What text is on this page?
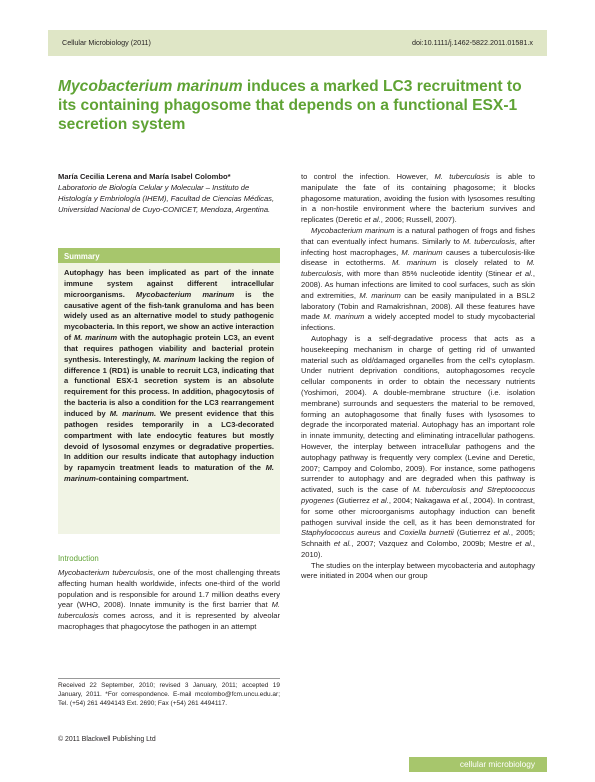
Cellular Microbiology (2011)	doi:10.1111/j.1462-5822.2011.01581.x
Mycobacterium marinum induces a marked LC3 recruitment to its containing phagosome that depends on a functional ESX-1 secretion system
María Cecilia Lerena and María Isabel Colombo*
Laboratorio de Biología Celular y Molecular – Instituto de Histología y Embriología (IHEM), Facultad de Ciencias Médicas, Universidad Nacional de Cuyo-CONICET, Mendoza, Argentina.
Summary
Autophagy has been implicated as part of the innate immune system against different intracellular microorganisms. Mycobacterium marinum is the causative agent of the fish-tank granuloma and has been widely used as an alternative model to study pathogenic mycobacteria. In this report, we show an active interaction of M. marinum with the autophagic protein LC3, an event that requires pathogen viability and bacterial protein synthesis. Interestingly, M. marinum lacking the region of difference 1 (RD1) is unable to recruit LC3, indicating that a functional ESX-1 secretion system is an absolute requirement for this process. In addition, phagocytosis of the bacteria is also a condition for the LC3 rearrangement induced by M. marinum. We present evidence that this pathogen resides temporarily in a LC3-decorated compartment with late endocytic features but mostly devoid of lysosomal enzymes or degradative properties. In addition our results indicate that autophagy induction by rapamycin treatment leads to maturation of the M. marinum-containing compartment.
Introduction

Mycobacterium tuberculosis, one of the most challenging threats affecting human health worldwide, infects one-third of the world population and is responsible for around 1.7 million deaths every year (WHO, 2008). Innate immunity is the first barrier that M. tuberculosis comes across, and it is represented by alveolar macrophages that phagocytose the pathogen in an attempt

Received 22 September, 2010; revised 3 January, 2011; accepted 19 January, 2011. *For correspondence. E-mail mcolombo@fcm.uncu.edu.ar; Tel. (+54) 261 4494143 Ext. 2690; Fax (+54) 261 4494117.
© 2011 Blackwell Publishing Ltd

to control the infection. However, M. tuberculosis is able to manipulate the fate of its containing phagosome; it blocks phagosome maturation, avoiding the fusion with lysosomes resulting in a non-hostile environment where the bacterium survives and replicates (Deretic et al., 2006; Russell, 2007).

Mycobacterium marinum is a natural pathogen of frogs and fishes that can eventually infect humans. Similarly to M. tuberculosis, after infecting host macrophages, M. marinum causes a tuberculosis-like disease in ectotherms. M. marinum is closely related to M. tuberculosis, with more than 85% nucleotide identity (Stinear et al., 2008). As human infections are limited to cool surfaces, such as skin and extremities, M. marinum can be easily manipulated in a BSL2 laboratory (Tobin and Ramakrishnan, 2008). All these features have made M. marinum a widely accepted model to study mycobacterial infections.

Autophagy is a self-degradative process that acts as a housekeeping mechanism in charge of getting rid of unwanted material such as old/damaged organelles from the cell's cytoplasm. Under nutrient deprivation conditions, autophagosomes recycle cellular components in order to obtain the necessary nutrients (Yoshimori, 2004). A double-membrane structure (i.e. isolation membrane) surrounds and sequesters the material to be removed, forming an autophagosome that finally fuses with lysosomes to degrade the incorporated material. Autophagy has an important role in innate immunity, detecting and eliminating intracellular pathogens. However, the interplay between intracellular pathogens and the autophagy pathway is frequently very complex (Levine and Deretic, 2007; Campoy and Colombo, 2009). For instance, some pathogens surrender to autophagy and are degraded when this pathway is activated, such is the case of M. tuberculosis and Streptococcus pyogenes (Gutierrez et al., 2004; Nakagawa et al., 2004). In contrast, for some other microorganisms autophagy induction can benefit pathogen survival inside the cell, as it has been demonstrated for Staphylococcus aureus and Coxiella burnetii (Gutierrez et al., 2005; Schnaith et al., 2007; Vazquez and Colombo, 2009b; Mestre et al., 2010).

The studies on the interplay between mycobacteria and autophagy were initiated in 2004 when our group

cellular microbiology
